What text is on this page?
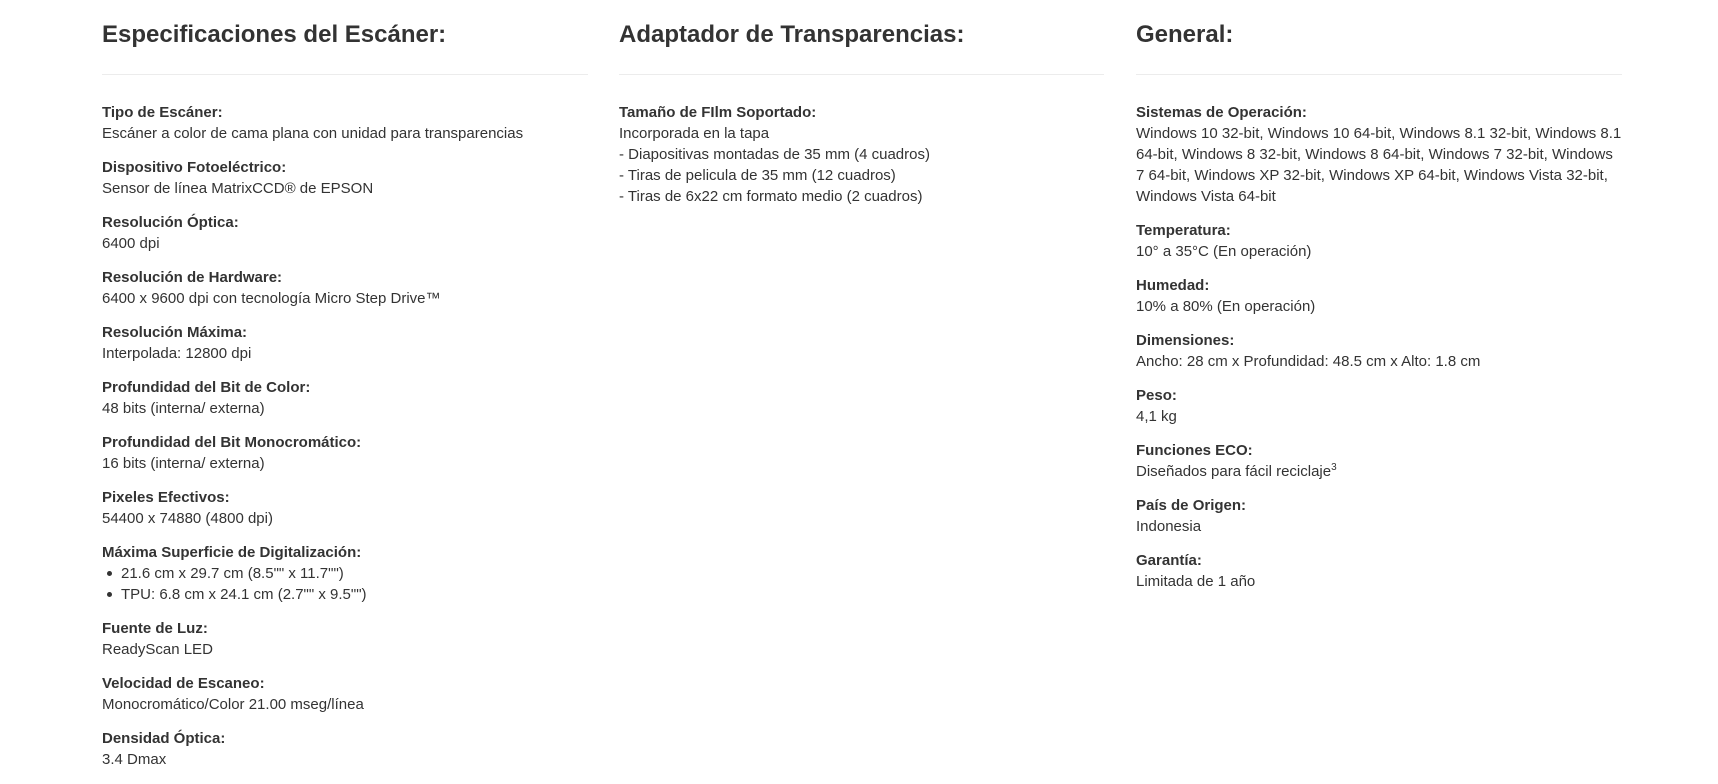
Especificaciones del Escáner:
Tipo de Escáner:
Escáner a color de cama plana con unidad para transparencias
Dispositivo Fotoeléctrico:
Sensor de línea MatrixCCD® de EPSON
Resolución Óptica:
6400 dpi
Resolución de Hardware:
6400 x 9600 dpi con tecnología Micro Step Drive™
Resolución Máxima:
Interpolada: 12800 dpi
Profundidad del Bit de Color:
48 bits (interna/ externa)
Profundidad del Bit Monocromático:
16 bits (interna/ externa)
Pixeles Efectivos:
54400 x 74880 (4800 dpi)
Máxima Superficie de Digitalización:
21.6 cm x 29.7 cm (8.5"" x 11.7"")
TPU: 6.8 cm x 24.1 cm (2.7"" x 9.5"")
Fuente de Luz:
ReadyScan LED
Velocidad de Escaneo:
Monocromático/Color 21.00 mseg/línea
Densidad Óptica:
3.4 Dmax
Adaptador de Transparencias:
Tamaño de FIlm Soportado:
Incorporada en la tapa
- Diapositivas montadas de 35 mm (4 cuadros)
- Tiras de pelicula de 35 mm (12 cuadros)
- Tiras de 6x22 cm formato medio (2 cuadros)
General:
Sistemas de Operación:
Windows 10 32-bit, Windows 10 64-bit, Windows 8.1 32-bit, Windows 8.1 64-bit, Windows 8 32-bit, Windows 8 64-bit, Windows 7 32-bit, Windows 7 64-bit, Windows XP 32-bit, Windows XP 64-bit, Windows Vista 32-bit, Windows Vista 64-bit
Temperatura:
10° a 35°C (En operación)
Humedad:
10% a 80% (En operación)
Dimensiones:
Ancho: 28 cm x Profundidad: 48.5 cm x Alto: 1.8 cm
Peso:
4,1 kg
Funciones ECO:
Diseñados para fácil reciclaje$^3$
País de Origen:
Indonesia
Garantía:
Limitada de 1 año
